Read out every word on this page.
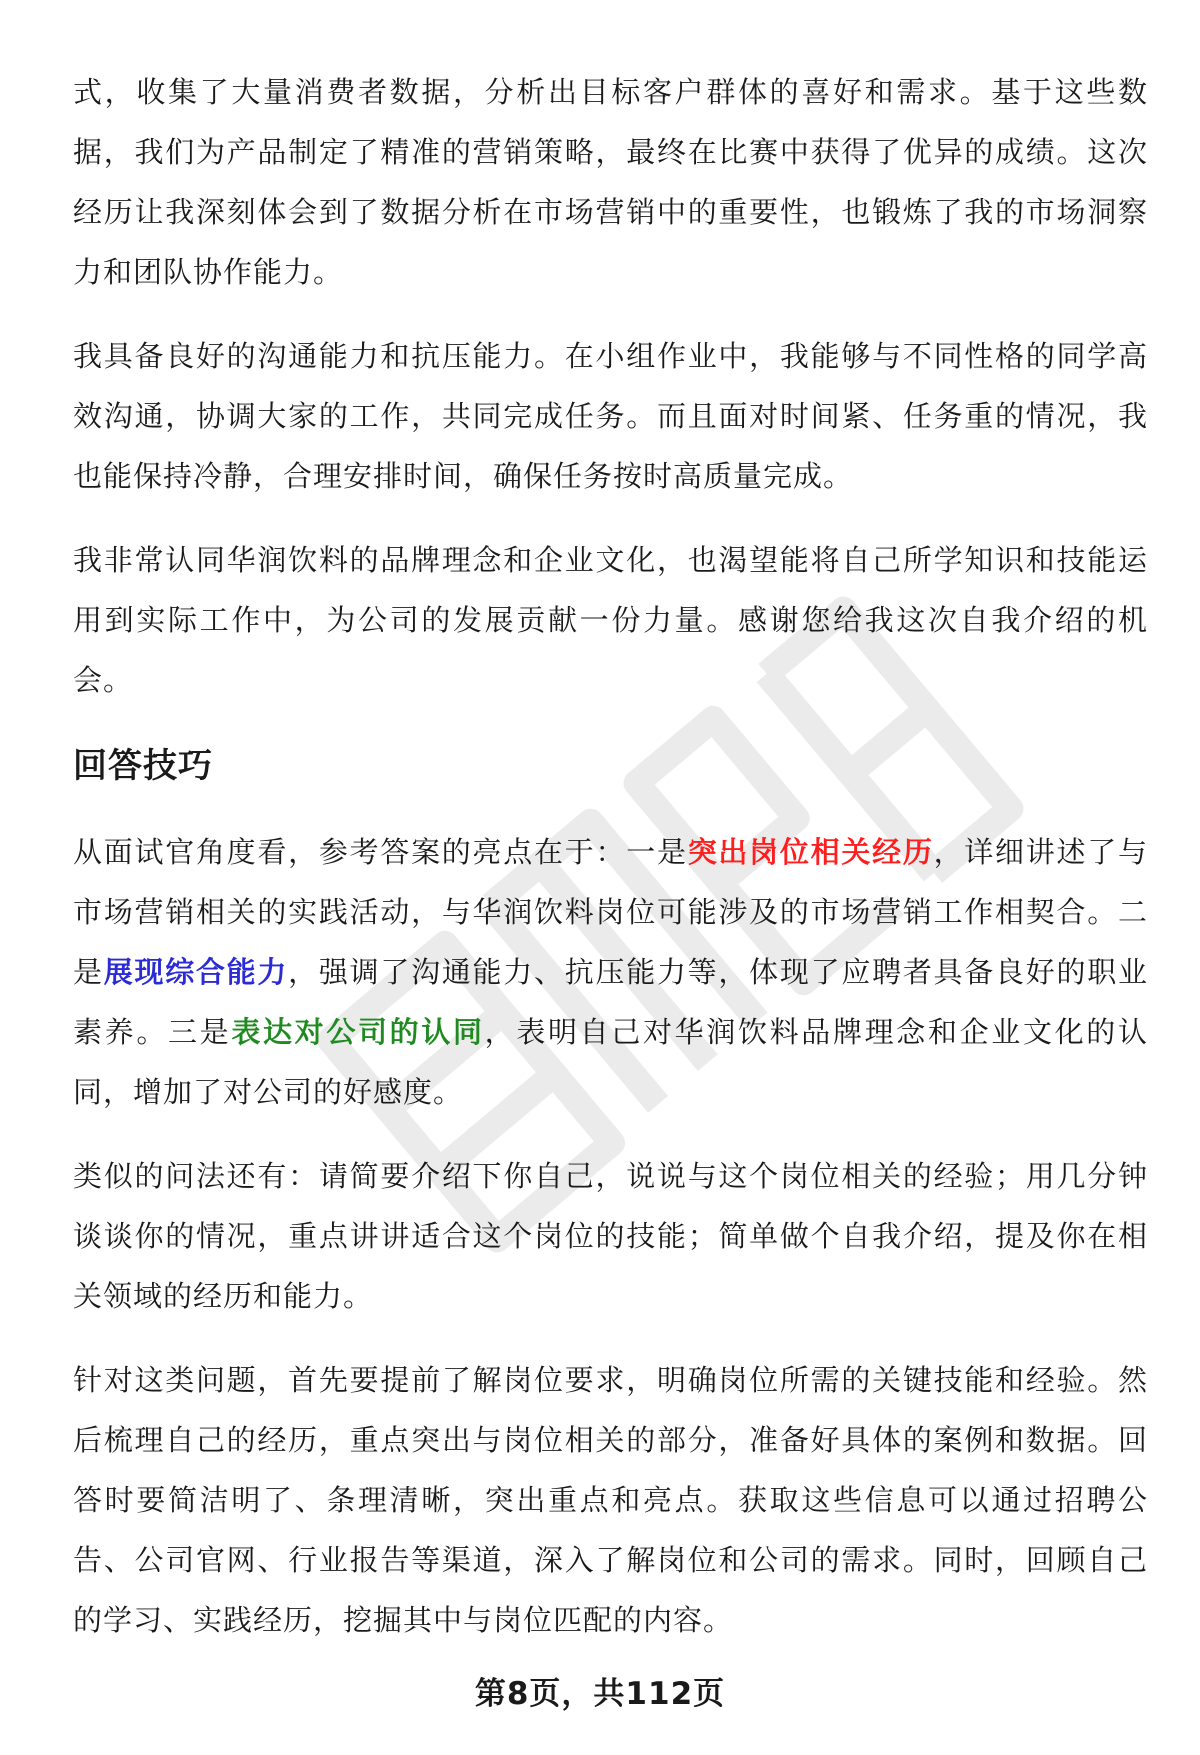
式，收集了大量消费者数据，分析出目标客户群体的喜好和需求。基于这些数据，我们为产品制定了精准的营销策略，最终在比赛中获得了优异的成绩。这次经历让我深刻体会到了数据分析在市场营销中的重要性，也锻炼了我的市场洞察力和团队协作能力。

我具备良好的沟通能力和抗压能力。在小组作业中，我能够与不同性格的同学高效沟通，协调大家的工作，共同完成任务。而且面对时间紧、任务重的情况，我也能保持冷静，合理安排时间，确保任务按时高质量完成。

我非常认同华润饮料的品牌理念和企业文化，也渴望能将自己所学知识和技能运用到实际工作中，为公司的发展贡献一份力量。感谢您给我这次自我介绍的机会。

回答技巧

从面试官角度看，参考答案的亮点在于：一是突出岗位相关经历，详细讲述了与市场营销相关的实践活动，与华润饮料岗位可能涉及的市场营销工作相契合。二是展现综合能力，强调了沟通能力、抗压能力等，体现了应聘者具备良好的职业素养。三是表达对公司的认同，表明自己对华润饮料品牌理念和企业文化的认同，增加了对公司的好感度。

类似的问法还有：请简要介绍下你自己，说说与这个岗位相关的经验；用几分钟谈谈你的情况，重点讲讲适合这个岗位的技能；简单做个自我介绍，提及你在相关领域的经历和能力。

针对这类问题，首先要提前了解岗位要求，明确岗位所需的关键技能和经验。然后梳理自己的经历，重点突出与岗位相关的部分，准备好具体的案例和数据。回答时要简洁明了、条理清晰，突出重点和亮点。获取这些信息可以通过招聘公告、公司官网、行业报告等渠道，深入了解岗位和公司的需求。同时，回顾自己的学习、实践经历，挖掘其中与岗位匹配的内容。

第8页，共112页
